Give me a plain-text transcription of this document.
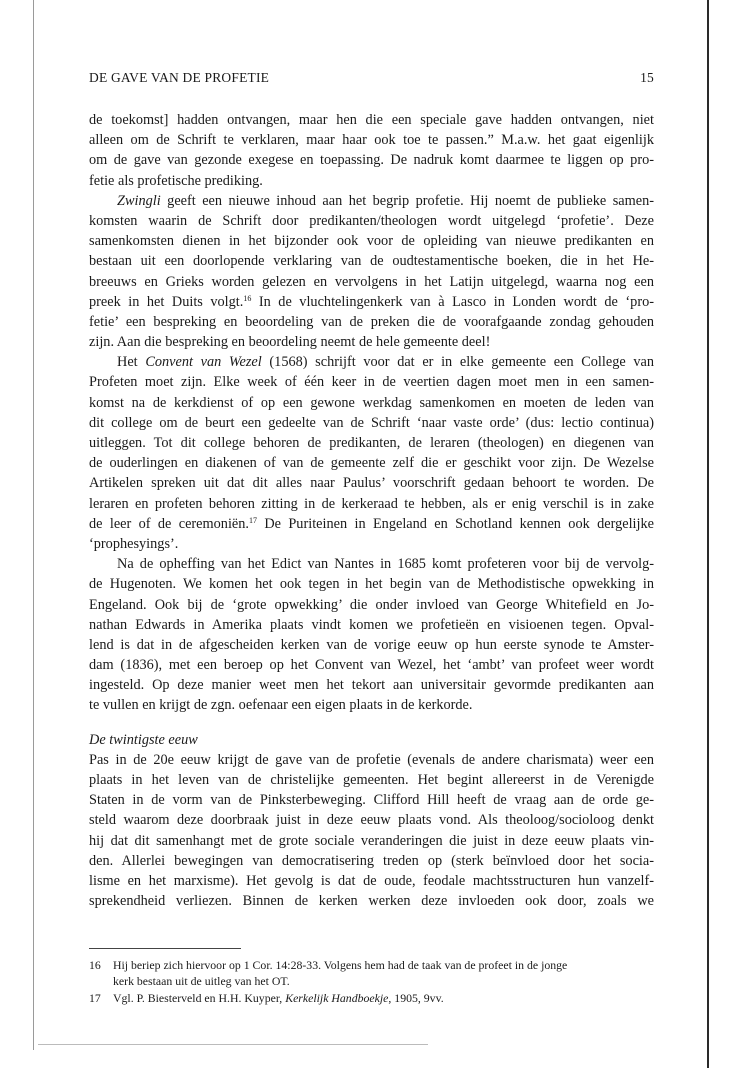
DE GAVE VAN DE PROFETIE	15
de toekomst] hadden ontvangen, maar hen die een speciale gave hadden ontvangen, niet
alleen om de Schrift te verklaren, maar haar ook toe te passen.” M.a.w. het gaat eigenlijk
om de gave van gezonde exegese en toepassing. De nadruk komt daarmee te liggen op pro-
fetie als profetische prediking.
Zwingli geeft een nieuwe inhoud aan het begrip profetie. Hij noemt de publieke samen-
komsten waarin de Schrift door predikanten/theologen wordt uitgelegd ‘profetie’. Deze
samenkomsten dienen in het bijzonder ook voor de opleiding van nieuwe predikanten en
bestaan uit een doorlopende verklaring van de oudtestamentische boeken, die in het He-
breeuws en Grieks worden gelezen en vervolgens in het Latijn uitgelegd, waarna nog een
preek in het Duits volgt.$^{16}$ In de vluchtelingenkerk van à Lasco in Londen wordt de ‘pro-
fetie’ een bespreking en beoordeling van de preken die de voorafgaande zondag gehouden
zijn. Aan die bespreking en beoordeling neemt de hele gemeente deel!
Het Convent van Wezel (1568) schrijft voor dat er in elke gemeente een College van
Profeten moet zijn. Elke week of één keer in de veertien dagen moet men in een samen-
komst na de kerkdienst of op een gewone werkdag samenkomen en moeten de leden van
dit college om de beurt een gedeelte van de Schrift ‘naar vaste orde’ (dus: lectio continua)
uitleggen. Tot dit college behoren de predikanten, de leraren (theologen) en diegenen van
de ouderlingen en diakenen of van de gemeente zelf die er geschikt voor zijn. De Wezelse
Artikelen spreken uit dat dit alles naar Paulus’ voorschrift gedaan behoort te worden. De
leraren en profeten behoren zitting in de kerkeraad te hebben, als er enig verschil is in zake
de leer of de ceremoniën.$^{17}$ De Puriteinen in Engeland en Schotland kennen ook dergelijke
‘prophesyings’.
Na de opheffing van het Edict van Nantes in 1685 komt profeteren voor bij de vervolg-
de Hugenoten. We komen het ook tegen in het begin van de Methodistische opwekking in
Engeland. Ook bij de ‘grote opwekking’ die onder invloed van George Whitefield en Jo-
nathan Edwards in Amerika plaats vindt komen we profetieën en visioenen tegen. Opval-
lend is dat in de afgescheiden kerken van de vorige eeuw op hun eerste synode te Amster-
dam (1836), met een beroep op het Convent van Wezel, het ‘ambt’ van profeet weer wordt
ingesteld. Op deze manier weet men het tekort aan universitair gevormde predikanten aan
te vullen en krijgt de zgn. oefenaar een eigen plaats in de kerkorde.
De twintigste eeuw
Pas in de 20e eeuw krijgt de gave van de profetie (evenals de andere charismata) weer een
plaats in het leven van de christelijke gemeenten. Het begint allereerst in de Verenigde
Staten in de vorm van de Pinksterbeweging. Clifford Hill heeft de vraag aan de orde ge-
steld waarom deze doorbraak juist in deze eeuw plaats vond. Als theoloog/socioloog denkt
hij dat dit samenhangt met de grote sociale veranderingen die juist in deze eeuw plaats vin-
den. Allerlei bewegingen van democratisering treden op (sterk beïnvloed door het socia-
lisme en het marxisme). Het gevolg is dat de oude, feodale machtsstructuren hun vanzelf-
sprekendheid verliezen. Binnen de kerken werken deze invloeden ook door, zoals we
16 Hij beriep zich hiervoor op 1 Cor. 14:28-33. Volgens hem had de taak van de profeet in de jonge
kerk bestaan uit de uitleg van het OT.
17 Vgl. P. Biesterveld en H.H. Kuyper, Kerkelijk Handboekje, 1905, 9vv.
